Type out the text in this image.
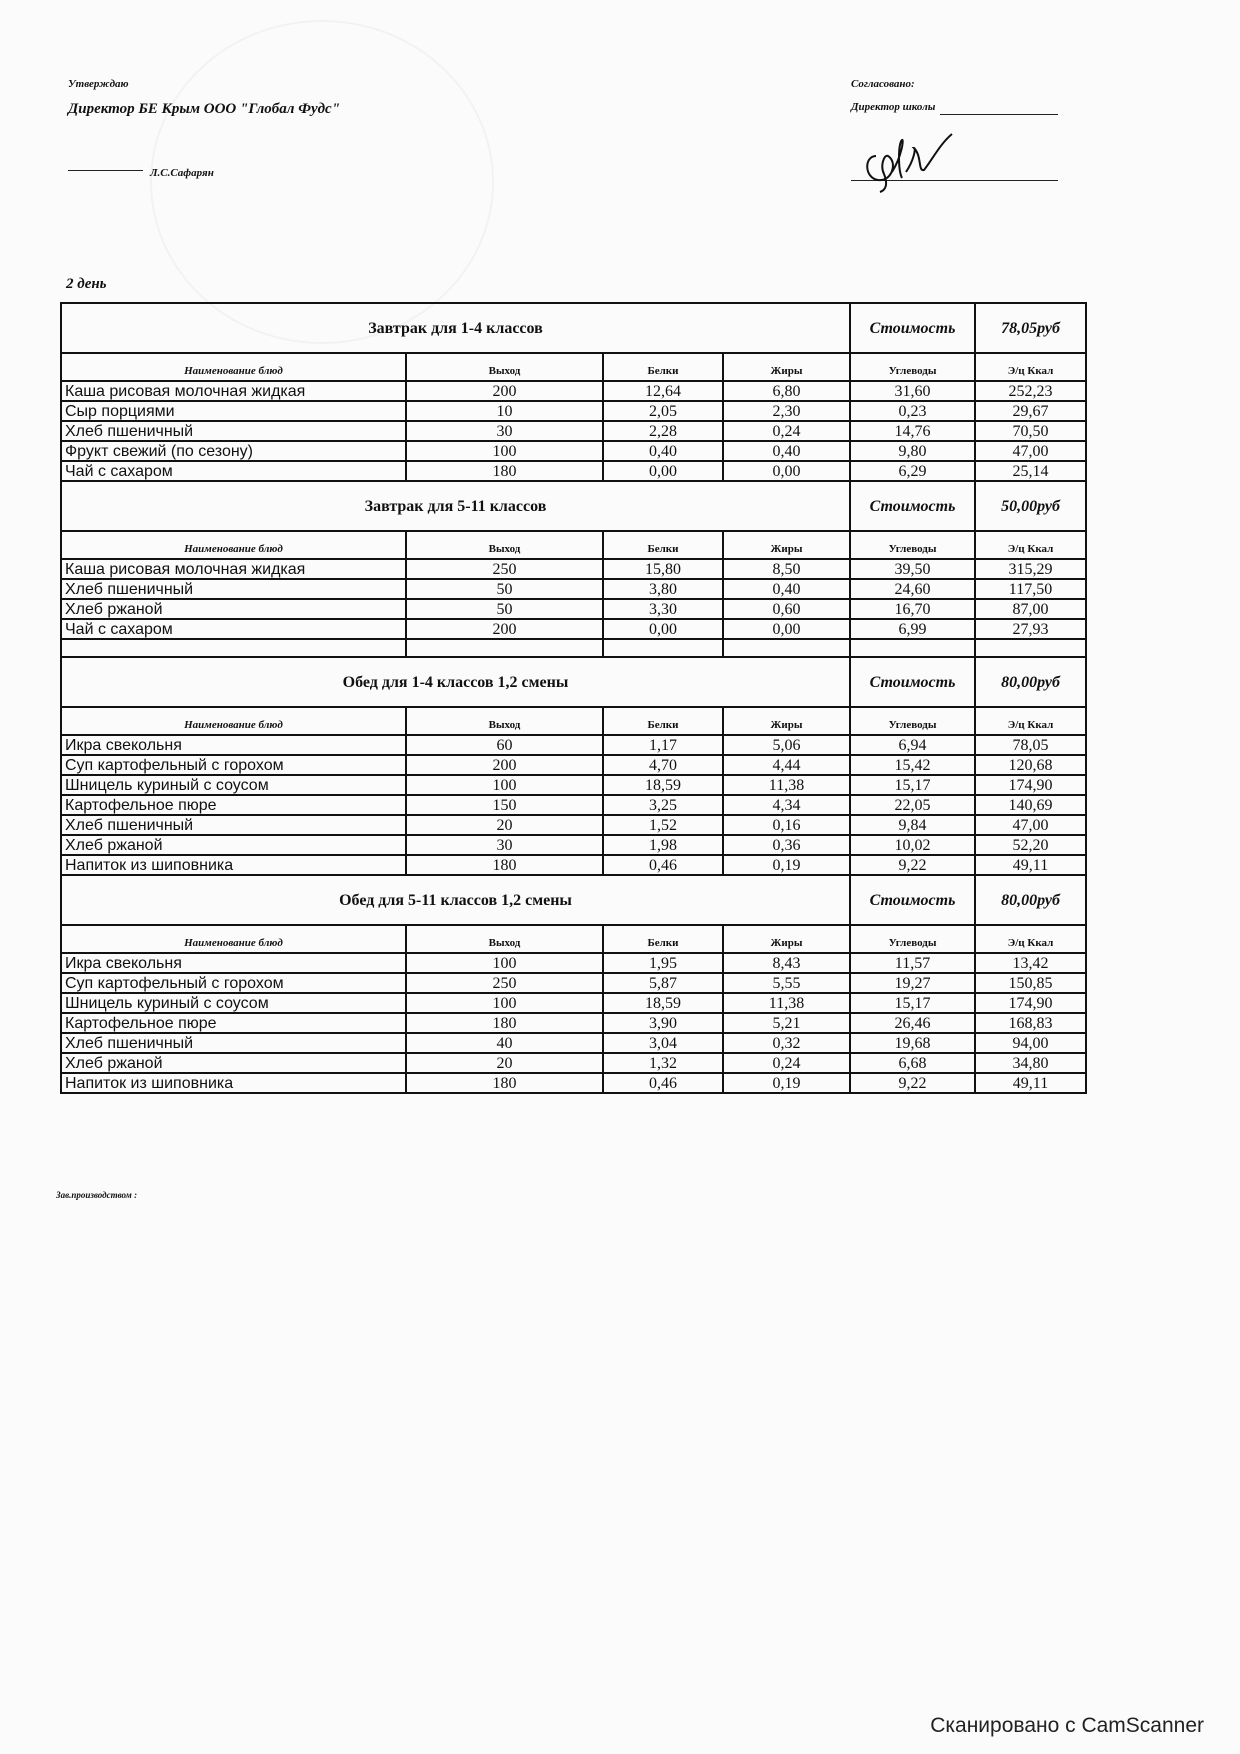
Утверждаю
Директор БЕ Крым ООО "Глобал Фудс"
Л.С.Сафарян
Согласовано:
Директор школы
2 день
Завтрак для 1-4 классов				Стоимость	78,05руб
Наименование блюд	Выход	Белки	Жиры	Углеводы	Э/ц Ккал
Каша рисовая молочная жидкая	200	12,64	6,80	31,60	252,23
Сыр порциями	10	2,05	2,30	0,23	29,67
Хлеб пшеничный	30	2,28	0,24	14,76	70,50
Фрукт свежий (по сезону)	100	0,40	0,40	9,80	47,00
Чай с сахаром	180	0,00	0,00	6,29	25,14
Завтрак для 5-11 классов				Стоимость	50,00руб
Наименование блюд	Выход	Белки	Жиры	Углеводы	Э/ц Ккал
Каша рисовая молочная жидкая	250	15,80	8,50	39,50	315,29
Хлеб пшеничный	50	3,80	0,40	24,60	117,50
Хлеб ржаной	50	3,30	0,60	16,70	87,00
Чай с сахаром	200	0,00	0,00	6,99	27,93

Обед для 1-4 классов 1,2 смены				Стоимость	80,00руб
Наименование блюд	Выход	Белки	Жиры	Углеводы	Э/ц Ккал
Икра свекольня	60	1,17	5,06	6,94	78,05
Суп картофельный с горохом	200	4,70	4,44	15,42	120,68
Шницель куриный с соусом	100	18,59	11,38	15,17	174,90
Картофельное пюре	150	3,25	4,34	22,05	140,69
Хлеб пшеничный	20	1,52	0,16	9,84	47,00
Хлеб ржаной	30	1,98	0,36	10,02	52,20
Напиток из шиповника	180	0,46	0,19	9,22	49,11
Обед для 5-11 классов 1,2 смены				Стоимость	80,00руб
Наименование блюд	Выход	Белки	Жиры	Углеводы	Э/ц Ккал
Икра свекольня	100	1,95	8,43	11,57	13,42
Суп картофельный с горохом	250	5,87	5,55	19,27	150,85
Шницель куриный с соусом	100	18,59	11,38	15,17	174,90
Картофельное пюре	180	3,90	5,21	26,46	168,83
Хлеб пшеничный	40	3,04	0,32	19,68	94,00
Хлеб ржаной	20	1,32	0,24	6,68	34,80
Напиток из шиповника	180	0,46	0,19	9,22	49,11
Зав.производством :
Сканировано с CamScanner
